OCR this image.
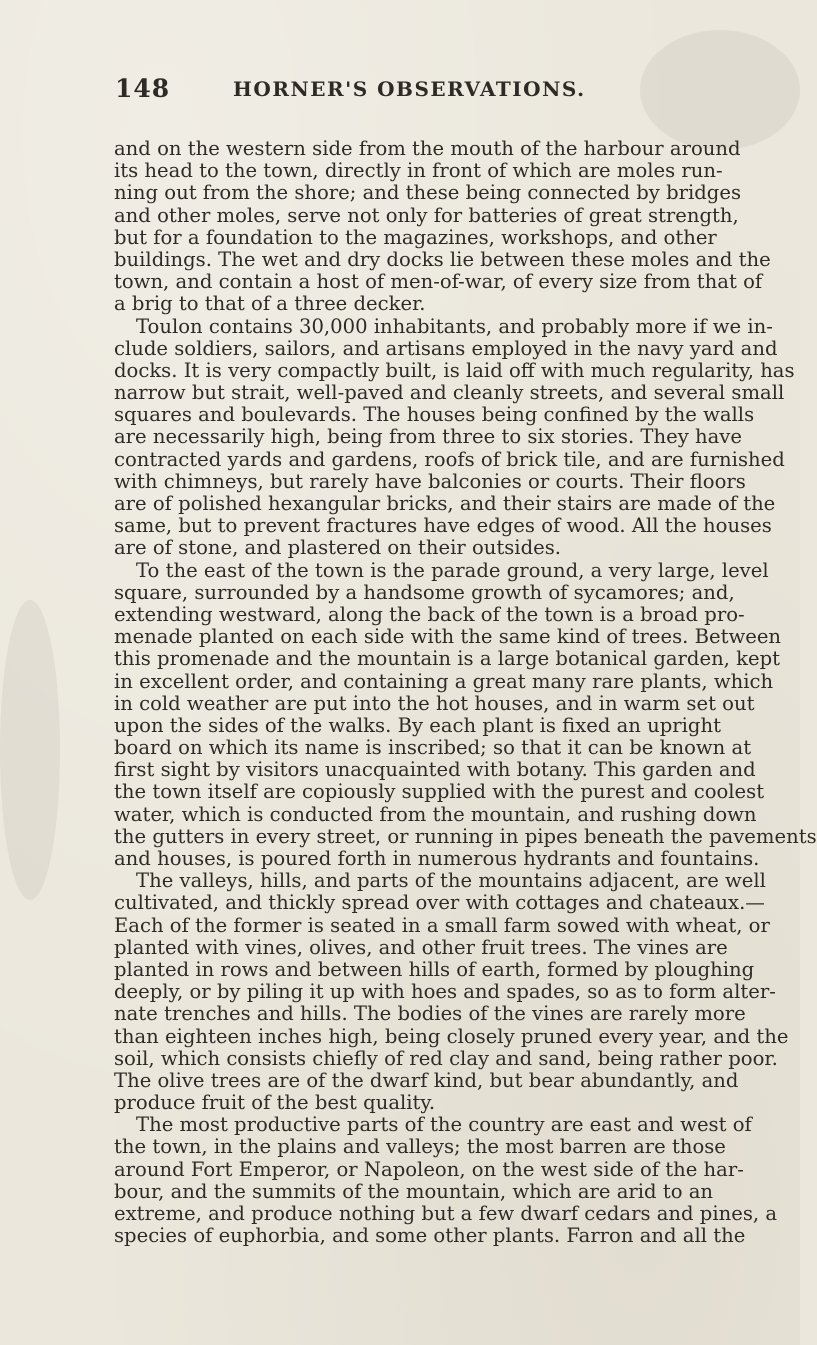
148	HORNER'S OBSERVATIONS.
and on the western side from the mouth of the harbour around
its head to the town, directly in front of which are moles run-
ning out from the shore; and these being connected by bridges
and other moles, serve not only for batteries of great strength,
but for a foundation to the magazines, workshops, and other
buildings. The wet and dry docks lie between these moles and the
town, and contain a host of men-of-war, of every size from that of
a brig to that of a three decker.
Toulon contains 30,000 inhabitants, and probably more if we in-
clude soldiers, sailors, and artisans employed in the navy yard and
docks. It is very compactly built, is laid off with much regularity, has
narrow but strait, well-paved and cleanly streets, and several small
squares and boulevards. The houses being confined by the walls
are necessarily high, being from three to six stories. They have
contracted yards and gardens, roofs of brick tile, and are furnished
with chimneys, but rarely have balconies or courts. Their floors
are of polished hexangular bricks, and their stairs are made of the
same, but to prevent fractures have edges of wood. All the houses
are of stone, and plastered on their outsides.
To the east of the town is the parade ground, a very large, level
square, surrounded by a handsome growth of sycamores; and,
extending westward, along the back of the town is a broad pro-
menade planted on each side with the same kind of trees. Between
this promenade and the mountain is a large botanical garden, kept
in excellent order, and containing a great many rare plants, which
in cold weather are put into the hot houses, and in warm set out
upon the sides of the walks. By each plant is fixed an upright
board on which its name is inscribed; so that it can be known at
first sight by visitors unacquainted with botany. This garden and
the town itself are copiously supplied with the purest and coolest
water, which is conducted from the mountain, and rushing down
the gutters in every street, or running in pipes beneath the pavements
and houses, is poured forth in numerous hydrants and fountains.
The valleys, hills, and parts of the mountains adjacent, are well
cultivated, and thickly spread over with cottages and chateaux.—
Each of the former is seated in a small farm sowed with wheat, or
planted with vines, olives, and other fruit trees. The vines are
planted in rows and between hills of earth, formed by ploughing
deeply, or by piling it up with hoes and spades, so as to form alter-
nate trenches and hills. The bodies of the vines are rarely more
than eighteen inches high, being closely pruned every year, and the
soil, which consists chiefly of red clay and sand, being rather poor.
The olive trees are of the dwarf kind, but bear abundantly, and
produce fruit of the best quality.
The most productive parts of the country are east and west of
the town, in the plains and valleys; the most barren are those
around Fort Emperor, or Napoleon, on the west side of the har-
bour, and the summits of the mountain, which are arid to an
extreme, and produce nothing but a few dwarf cedars and pines, a
species of euphorbia, and some other plants. Farron and all the
